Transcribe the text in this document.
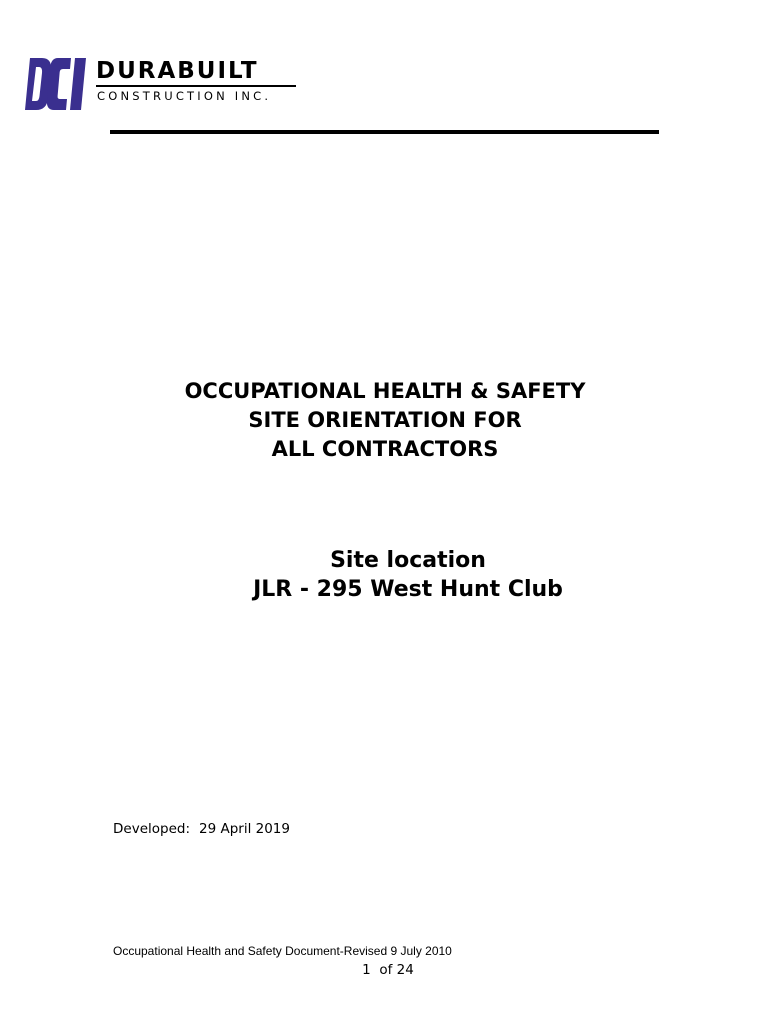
DURABUILT
CONSTRUCTION INC.
OCCUPATIONAL HEALTH & SAFETY
SITE ORIENTATION FOR
ALL CONTRACTORS
Site location
JLR - 295 West Hunt Club
Developed: 29 April 2019
Occupational Health and Safety Document-Revised 9 July 2010
1 of 24
